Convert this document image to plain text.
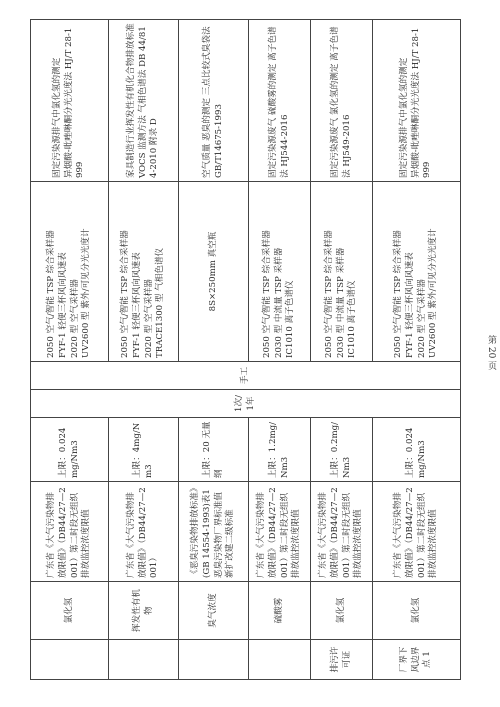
	氯化氢	广东省《大气污染物排放限值》（DB44/27—2001）第二时段无组织排放监控浓度限值	上限：0.024mg/Nm3	1次/1年	手工	2050 空气/智能 TSP 综合采样器
FYF-1 轻便三杯风向风速表
2020 型 空气采样器
UV2600 型 紫外/可见分光光度计	固定污染源排气中氯化氢的测定
异烟酸-吡唑啉酮分光光度法 HJ/T 28-1999
	挥发性有机物	广东省《大气污染物排放限值》（DB44/27—2001）	上限：4mg/Nm3			2050 空气/智能 TSP 综合采样器
FYF-1 轻便三杯风向风速表
2020 型 空气采样器
TRACE1300 型 气相色谱仪	家具制造行业挥发性有机化合物排放标准 VOCS 监测方法 气相色谱法 DB 44/814-2010 附录 D
	臭气浓度	《恶臭污染物排放标准》(GB 14554-1993)表1 恶臭污染物厂界标准值新扩改建二级标准	上限：20 无量纲			8S×250mm 真空瓶	空气质量 恶臭的测定 三点比较式臭袋法 GB/T14675-1993
	硫酸雾	广东省《大气污染物排放限值》（DB44/27—2001）第二时段无组织排放监控浓度限值	上限：1.2mg/Nm3			2050 空气/智能 TSP 综合采样器
2030 型 中流量 TSP 采样器
IC1010 离子色谱仪	固定污染源废气 硫酸雾的测定 离子色谱法 HJ544-2016
排污许可证	氯化氢	广东省《大气污染物排放限值》（DB44/27—2001）第二时段无组织排放监控浓度限值	上限：0.2mg/Nm3			2050 空气/智能 TSP 综合采样器
2030 型 中流量 TSP 采样器
IC1010 离子色谱仪	固定污染源废气 氯化氢的测定 离子色谱法 HJ549-2016
厂界下风边界点 1	氯化氢	广东省《大气污染物排放限值》（DB44/27—2001）第二时段无组织排放监控浓度限值	上限：0.024mg/Nm3			2050 空气/智能 TSP 综合采样器
FYF-1 轻便三杯风向风速表
2020 型 空气采样器
UV2600 型 紫外/可见分光光度计	固定污染源排气中氯化氢的测定
异烟酸-吡唑啉酮分光光度法 HJ/T 28-1999
第 20 页
